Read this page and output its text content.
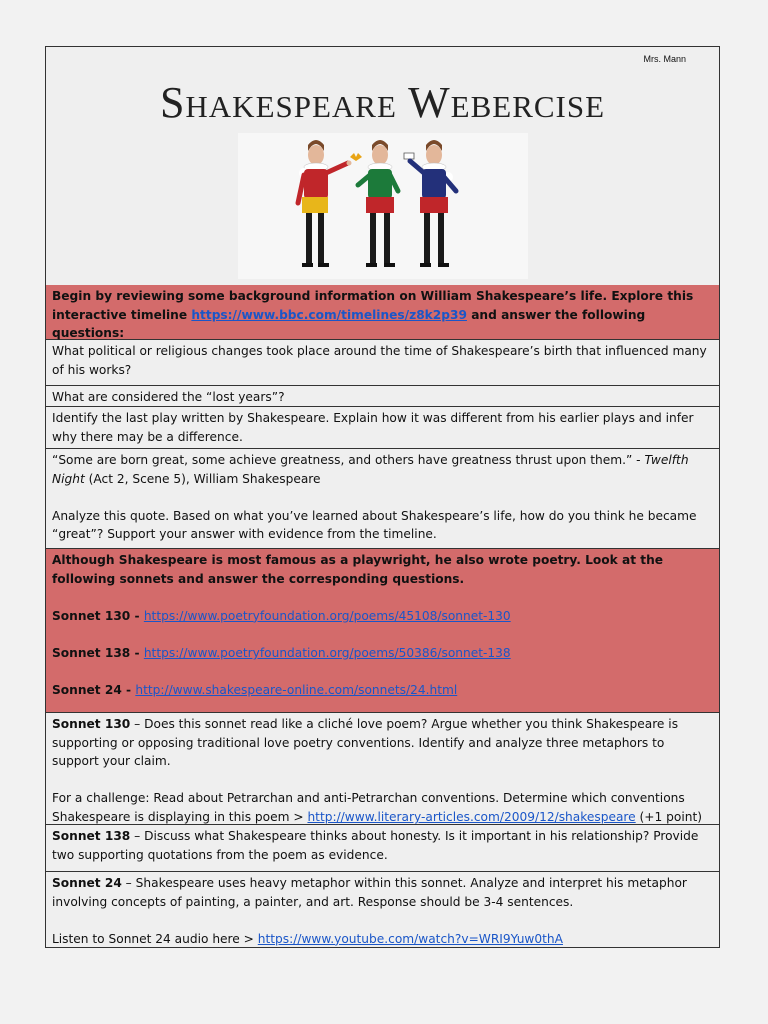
Mrs. Mann
Shakespeare Webercise

Begin by reviewing some background information on William Shakespeare’s life. Explore this interactive timeline https://www.bbc.com/timelines/z8k2p39 and answer the following questions:

What political or religious changes took place around the time of Shakespeare’s birth that influenced many of his works?

What are considered the “lost years”?

Identify the last play written by Shakespeare. Explain how it was different from his earlier plays and infer why there may be a difference.

“Some are born great, some achieve greatness, and others have greatness thrust upon them.” - Twelfth Night (Act 2, Scene 5), William Shakespeare

Analyze this quote. Based on what you’ve learned about Shakespeare’s life, how do you think he became “great”? Support your answer with evidence from the timeline.

Although Shakespeare is most famous as a playwright, he also wrote poetry. Look at the following sonnets and answer the corresponding questions.

Sonnet 130 - https://www.poetryfoundation.org/poems/45108/sonnet-130

Sonnet 138 - https://www.poetryfoundation.org/poems/50386/sonnet-138

Sonnet 24 - http://www.shakespeare-online.com/sonnets/24.html

Sonnet 130 – Does this sonnet read like a cliché love poem? Argue whether you think Shakespeare is supporting or opposing traditional love poetry conventions. Identify and analyze three metaphors to support your claim.

For a challenge: Read about Petrarchan and anti-Petrarchan conventions. Determine which conventions Shakespeare is displaying in this poem > http://www.literary-articles.com/2009/12/shakespeare (+1 point)

Sonnet 138 – Discuss what Shakespeare thinks about honesty. Is it important in his relationship? Provide two supporting quotations from the poem as evidence.

Sonnet 24 – Shakespeare uses heavy metaphor within this sonnet. Analyze and interpret his metaphor involving concepts of painting, a painter, and art. Response should be 3-4 sentences.

Listen to Sonnet 24 audio here > https://www.youtube.com/watch?v=WRI9Yuw0thA
